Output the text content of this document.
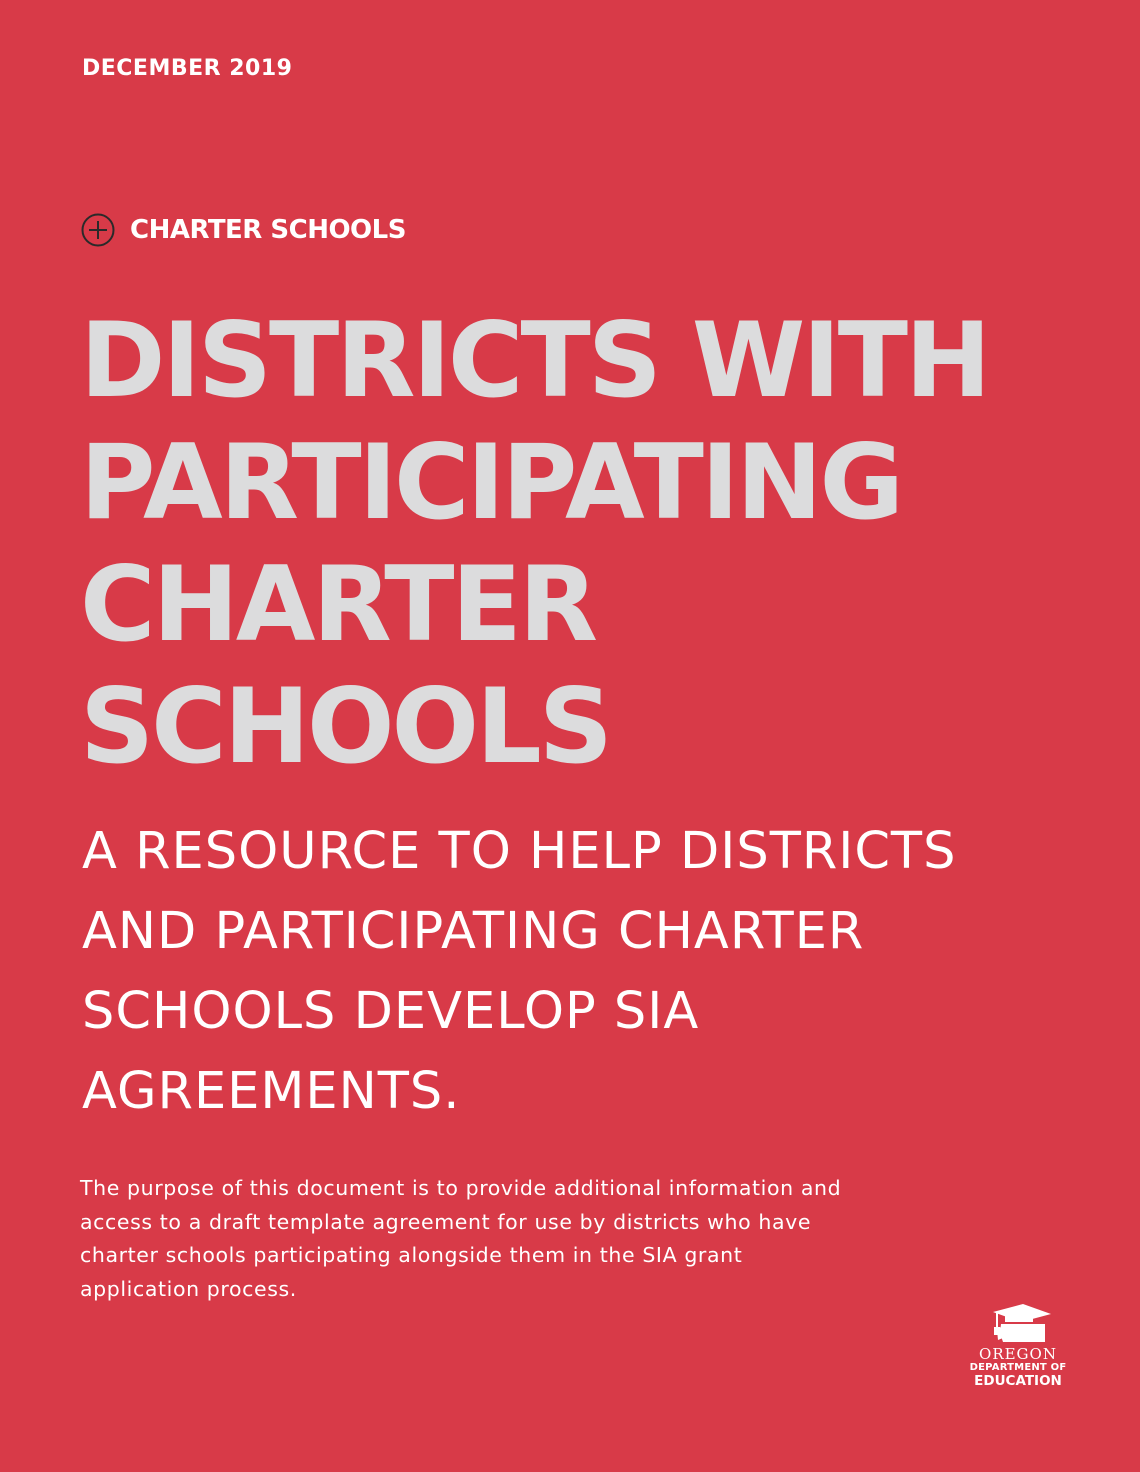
DECEMBER 2019
CHARTER SCHOOLS
DISTRICTS WITH
PARTICIPATING
CHARTER
SCHOOLS
A RESOURCE TO HELP DISTRICTS
AND PARTICIPATING CHARTER
SCHOOLS DEVELOP SIA
AGREEMENTS.

The purpose of this document is to provide additional information and
access to a draft template agreement for use by districts who have
charter schools participating alongside them in the SIA grant
application process.

OREGON
DEPARTMENT OF
EDUCATION
